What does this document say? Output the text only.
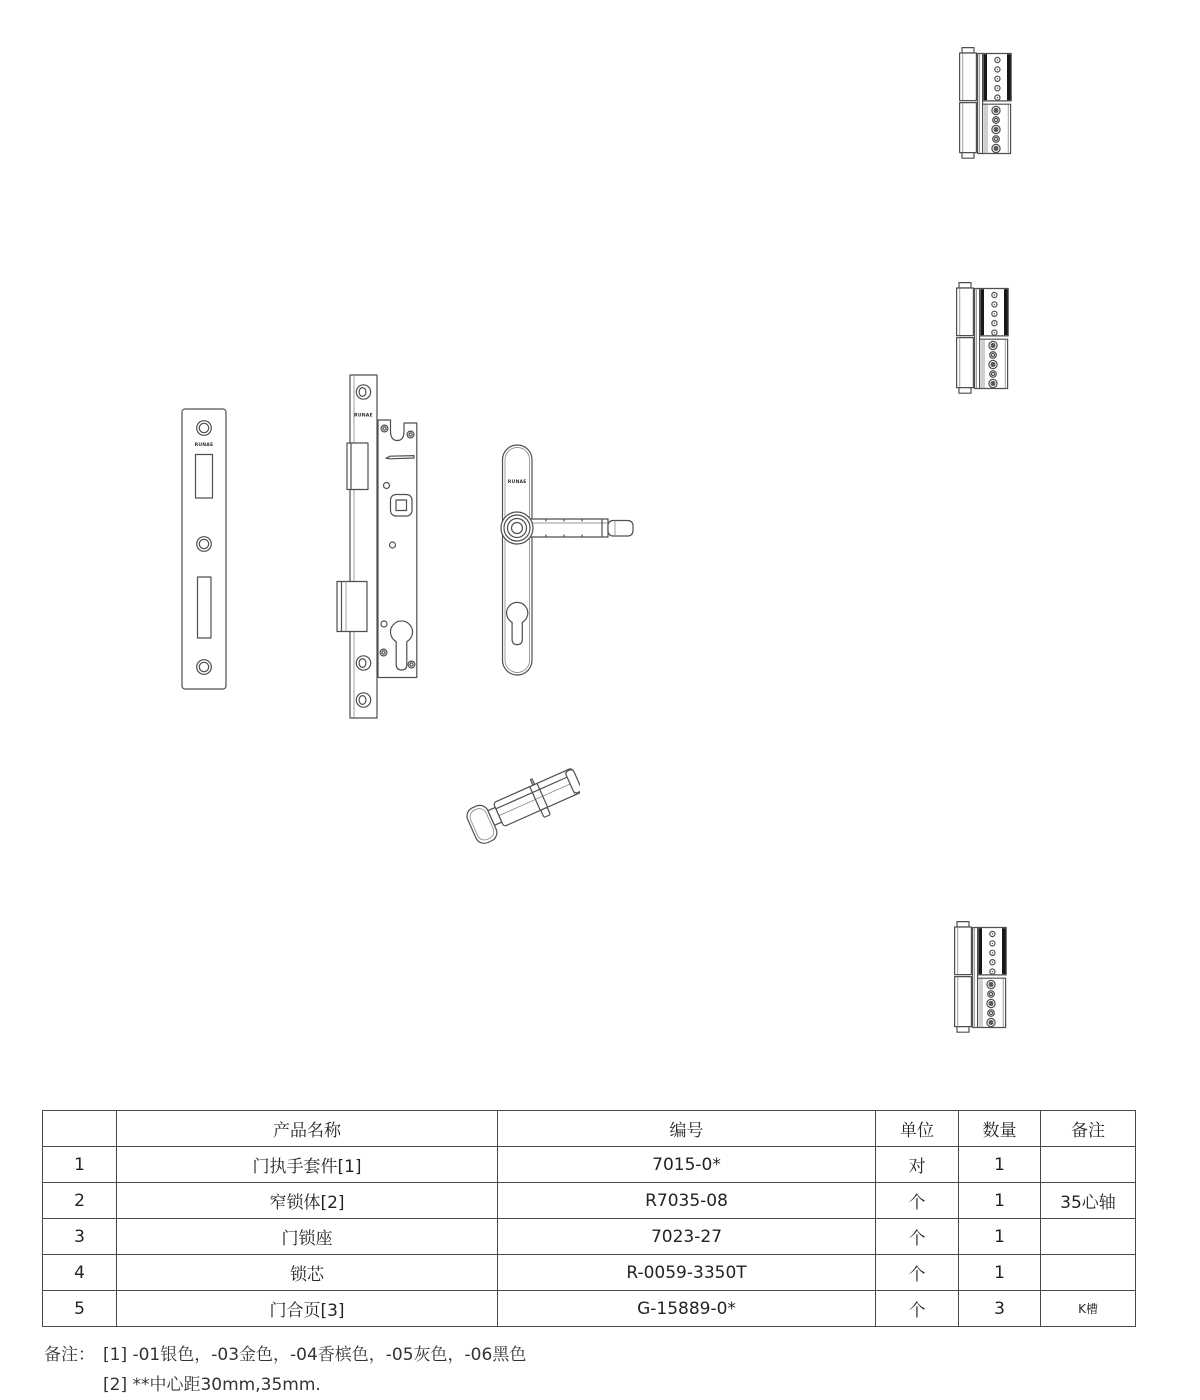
RUNAE
RUNAE
RUNAE
	产品名称	编号	单位	数量	备注
1	门执手套件[1]	7015-0*	对	1	
2	窄锁体[2]	R7035-08	个	1	35心轴
3	门锁座	7023-27	个	1	
4	锁芯	R-0059-3350T	个	1	
5	门合页[3]	G-15889-0*	个	3	K槽
备注： [1] -01银色，-03金色，-04香槟色，-05灰色，-06黑色
[2] **中心距30mm,35mm.
